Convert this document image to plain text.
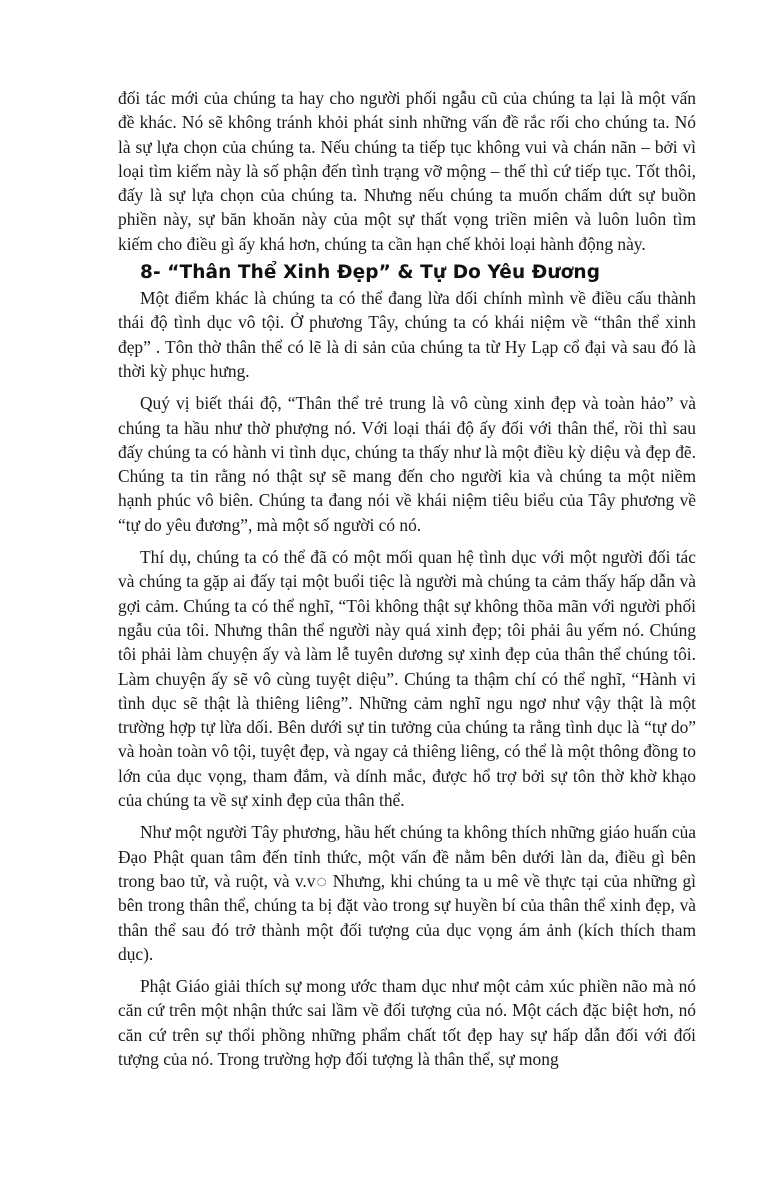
đối tác mới của chúng ta hay cho người phối ngẫu cũ của chúng ta lại là một vấn đề khác. Nó sẽ không tránh khỏi phát sinh những vấn đề rắc rối cho chúng ta. Nó là sự lựa chọn của chúng ta. Nếu chúng ta tiếp tục không vui và chán nãn – bởi vì loại tìm kiếm này là số phận đến tình trạng vỡ mộng – thế thì cứ tiếp tục. Tốt thôi, đấy là sự lựa chọn của chúng ta. Nhưng nếu chúng ta muốn chấm dứt sự buồn phiền này, sự băn khoăn này của một sự thất vọng triền miên và luôn luôn tìm kiếm cho điều gì ấy khá hơn, chúng ta cần hạn chế khỏi loại hành động này.

8- “Thân Thể Xinh Đẹp” & Tự Do Yêu Đương

Một điểm khác là chúng ta có thể đang lừa dối chính mình về điều cấu thành thái độ tình dục vô tội. Ở phương Tây, chúng ta có khái niệm về “thân thể xinh đẹp” . Tôn thờ thân thể có lẽ là di sản của chúng ta từ Hy Lạp cổ đại và sau đó là thời kỳ phục hưng.

Quý vị biết thái độ, “Thân thể trẻ trung là vô cùng xinh đẹp và toàn hảo” và chúng ta hầu như thờ phượng nó. Với loại thái độ ấy đối với thân thể, rồi thì sau đấy chúng ta có hành vi tình dục, chúng ta thấy như là một điều kỳ diệu và đẹp đẽ. Chúng ta tin rằng nó thật sự sẽ mang đến cho người kia và chúng ta một niềm hạnh phúc vô biên. Chúng ta đang nói về khái niệm tiêu biểu của Tây phương về “tự do yêu đương”, mà một số người có nó.

Thí dụ, chúng ta có thể đã có một mối quan hệ tình dục với một người đối tác và chúng ta gặp ai đấy tại một buổi tiệc là người mà chúng ta cảm thấy hấp dẫn và gợi cảm. Chúng ta có thể nghĩ, “Tôi không thật sự không thõa mãn với người phối ngẫu của tôi. Nhưng thân thể người này quá xinh đẹp; tôi phải âu yếm nó. Chúng tôi phải làm chuyện ấy và làm lễ tuyên dương sự xinh đẹp của thân thể chúng tôi. Làm chuyện ấy sẽ vô cùng tuyệt diệu”. Chúng ta thậm chí có thể nghĩ, “Hành vi tình dục sẽ thật là thiêng liêng”. Những cảm nghĩ ngu ngơ như vậy thật là một trường hợp tự lừa dối. Bên dưới sự tin tưởng của chúng ta rằng tình dục là “tự do” và hoàn toàn vô tội, tuyệt đẹp, và ngay cả thiêng liêng, có thể là một thông đồng to lớn của dục vọng, tham đắm, và dính mắc, được hổ trợ bởi sự tôn thờ khờ khạo của chúng ta về sự xinh đẹp của thân thể.

Như một người Tây phương, hầu hết chúng ta không thích những giáo huấn của Đạo Phật quan tâm đến tỉnh thức, một vấn đề nằm bên dưới làn da, điều gì bên trong bao tử, và ruột, và v.v◌ Nhưng, khi chúng ta u mê về thực tại của những gì bên trong thân thể, chúng ta bị đặt vào trong sự huyền bí của thân thể xinh đẹp, và thân thể sau đó trở thành một đối tượng của dục vọng ám ảnh (kích thích tham dục).

Phật Giáo giải thích sự mong ước tham dục như một cảm xúc phiền não mà nó căn cứ trên một nhận thức sai lầm về đối tượng của nó. Một cách đặc biệt hơn, nó căn cứ trên sự thổi phồng những phẩm chất tốt đẹp hay sự hấp dẫn đối với đối tượng của nó. Trong trường hợp đối tượng là thân thể, sự mong
